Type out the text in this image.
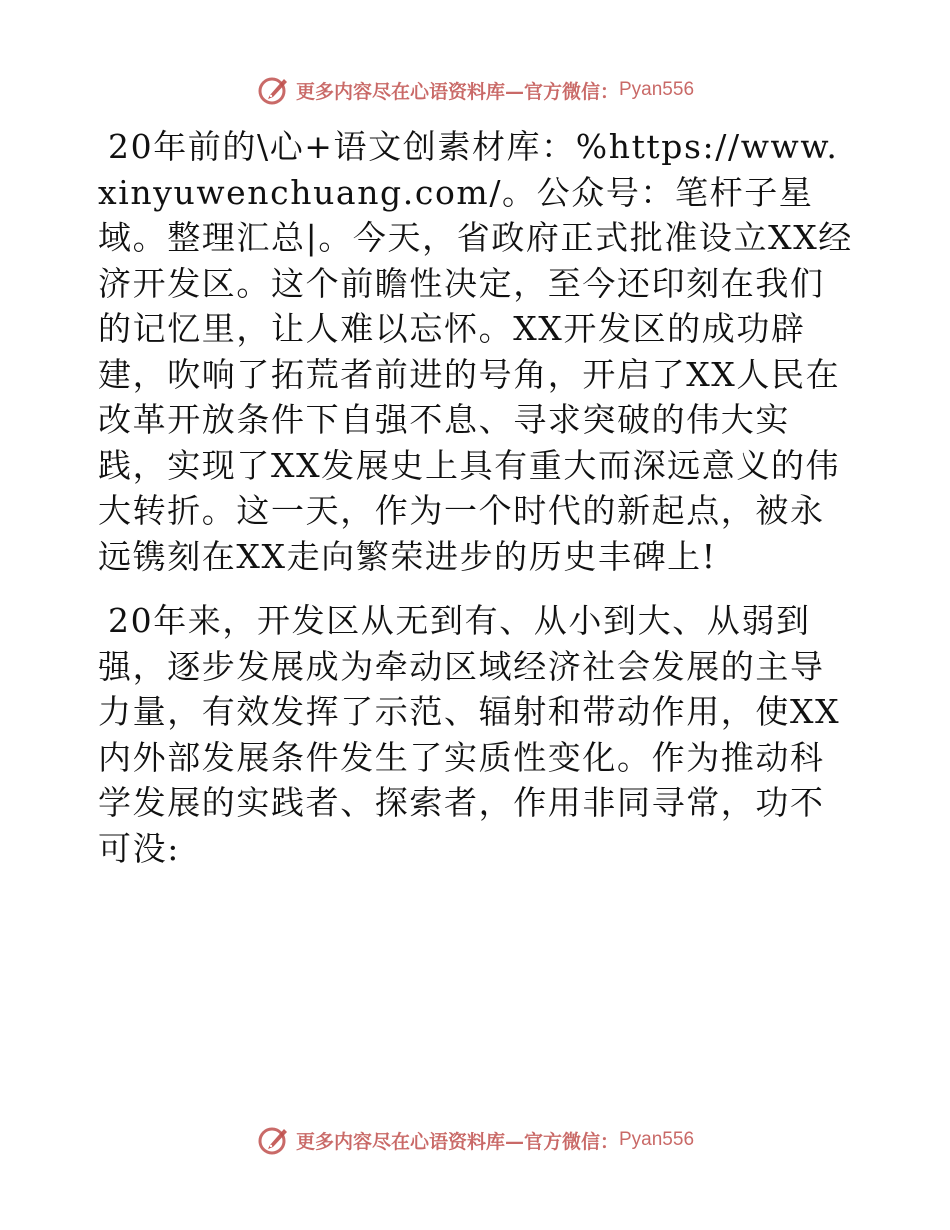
更多内容尽在心语资料库—官方微信： Pyan556

20年前的\心+语文创素材库：%https://www.xinyuwenchuang.com/。公众号：笔杆子星域。整理汇总|。今天，省政府正式批准设立XX经济开发区。这个前瞻性决定，至今还印刻在我们的记忆里，让人难以忘怀。XX开发区的成功辟建，吹响了拓荒者前进的号角，开启了XX人民在改革开放条件下自强不息、寻求突破的伟大实践，实现了XX发展史上具有重大而深远意义的伟大转折。这一天，作为一个时代的新起点，被永远镌刻在XX走向繁荣进步的历史丰碑上!

20年来，开发区从无到有、从小到大、从弱到强，逐步发展成为牵动区域经济社会发展的主导力量，有效发挥了示范、辐射和带动作用，使XX内外部发展条件发生了实质性变化。作为推动科学发展的实践者、探索者，作用非同寻常，功不可没:

更多内容尽在心语资料库—官方微信： Pyan556
